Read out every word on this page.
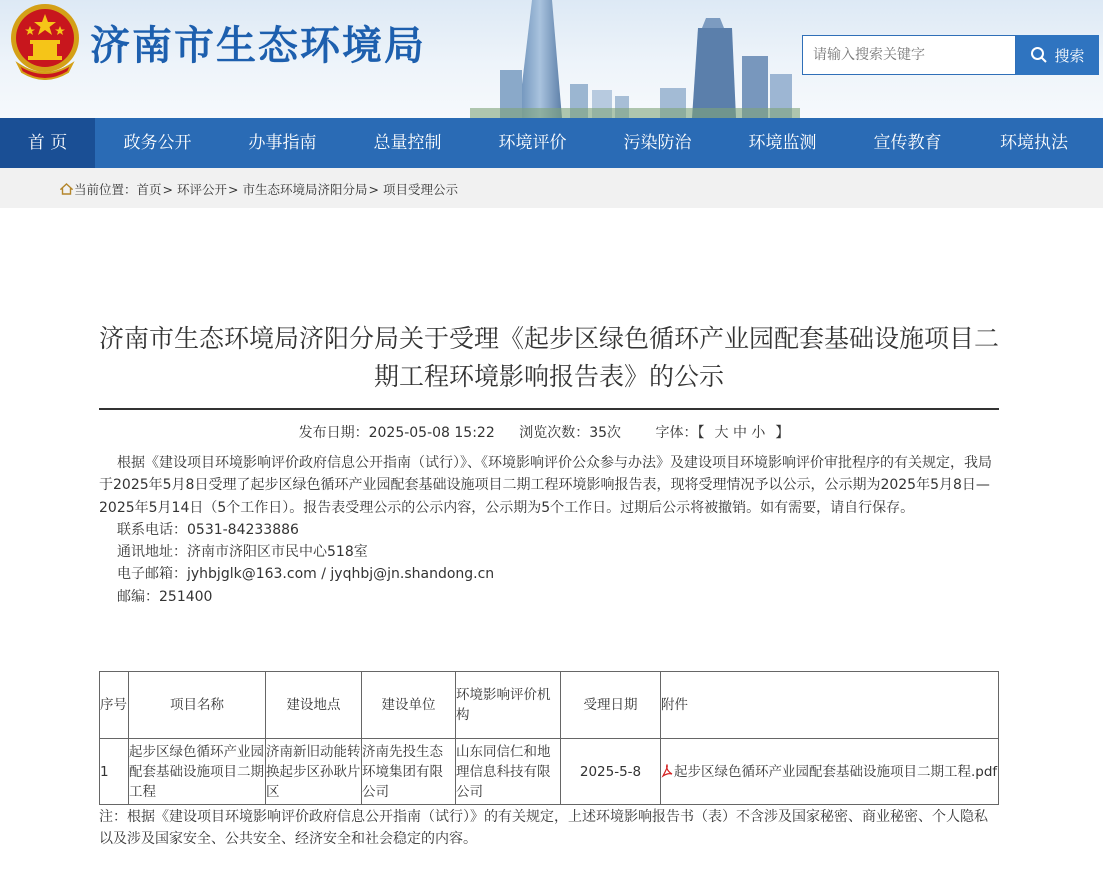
济南市生态环境局
请输入搜索关键字	搜索
首 页	政务公开	办事指南	总量控制	环境评价	污染防治	环境监测	宣传教育	环境执法
当前位置： 首页 > 环评公开 > 市生态环境局济阳分局 > 项目受理公示
济南市生态环境局济阳分局关于受理《起步区绿色循环产业园配套基础设施项目二期工程环境影响报告表》的公示
发布日期：2025-05-08 15:22 浏览次数：35次 字体：【 大 中 小 】

根据《建设项目环境影响评价政府信息公开指南（试行）》、《环境影响评价公众参与办法》及建设项目环境影响评价审批程序的有关规定，我局于2025年5月8日受理了起步区绿色循环产业园配套基础设施项目二期工程环境影响报告表，现将受理情况予以公示，公示期为2025年5月8日—2025年5月14日（5个工作日）。报告表受理公示的公示内容，公示期为5个工作日。过期后公示将被撤销。如有需要，请自行保存。

联系电话：0531-84233886
通讯地址：济南市济阳区市民中心518室
电子邮箱：jyhbjglk@163.com / jyqhbj@jn.shandong.cn
邮编：251400
序号	项目名称	建设地点	建设单位	环境影响评价机构	受理日期	附件
1	起步区绿色循环产业园配套基础设施项目二期工程	济南新旧动能转换起步区孙耿片区	济南先投生态环境集团有限公司	山东同信仁和地理信息科技有限公司	2025-5-8	起步区绿色循环产业园配套基础设施项目二期工程.pdf
注：根据《建设项目环境影响评价政府信息公开指南（试行）》的有关规定，上述环境影响报告书（表）不含涉及国家秘密、商业秘密、个人隐私以及涉及国家安全、公共安全、经济安全和社会稳定的内容。
